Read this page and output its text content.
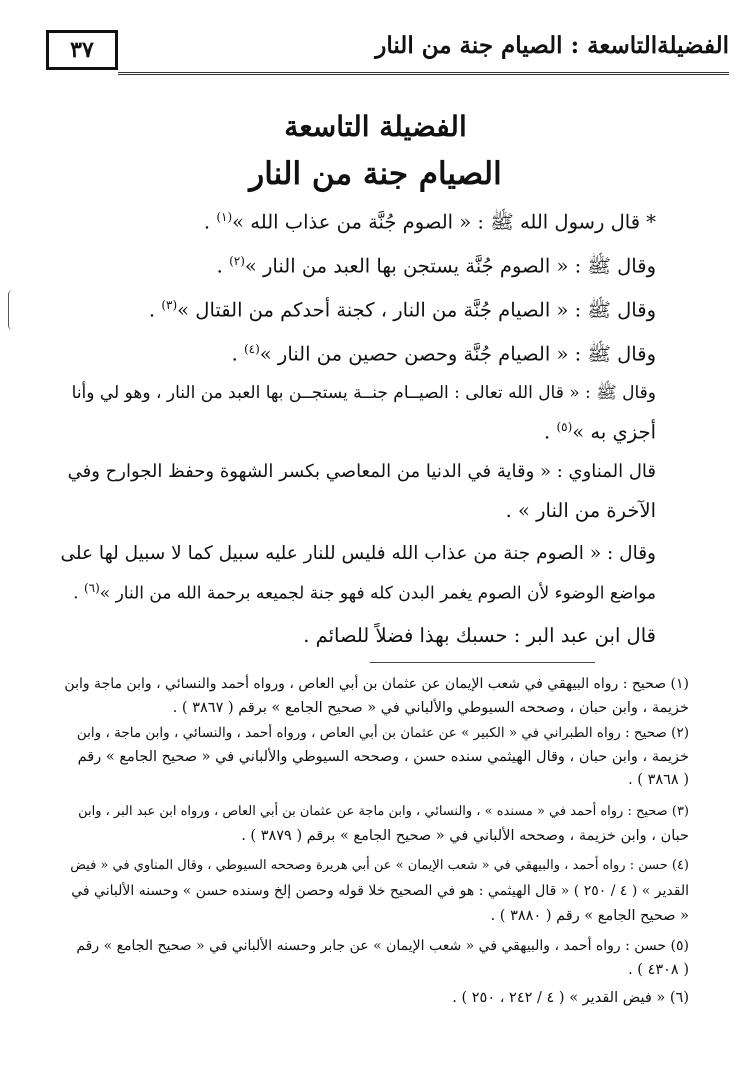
الفضيلةالتاسعة : الصيام جنة من النار
٣٧
الفضيلة التاسعة
الصيام جنة من النار
* قال رسول الله ﷺ : « الصوم جُنَّة من عذاب الله »$^{(١)}$ .
وقال ﷺ : « الصوم جُنَّة يستجن بها العبد من النار »$^{(٢)}$ .
وقال ﷺ : « الصيام جُنَّة من النار ، كجنة أحدكم من القتال »$^{(٣)}$ .
وقال ﷺ : « الصيام جُنَّة وحصن حصين من النار »$^{(٤)}$ .
وقال ﷺ : « قال الله تعالى : الصيــام جنــة يستجــن بها العبد من النار ، وهو لي وأنا
أجزي به »$^{(٥)}$ .
قال المناوي : « وقاية في الدنيا من المعاصي بكسر الشهوة وحفظ الجوارح وفي
الآخرة من النار » .
وقال : « الصوم جنة من عذاب الله فليس للنار عليه سبيل كما لا سبيل لها على
مواضع الوضوء لأن الصوم يغمر البدن كله فهو جنة لجميعه برحمة الله من النار »$^{(٦)}$ .
قال ابن عبد البر : حسبك بهذا فضلاً للصائم .
(١) صحيح : رواه البيهقي في شعب الإيمان عن عثمان بن أبي العاص ، ورواه أحمد والنسائي ، وابن ماجة وابن
خزيمة ، وابن حبان ، وصححه السيوطي والألباني في « صحيح الجامع » برقم ( ٣٨٦٧ ) .
(٢) صحيح : رواه الطبراني في « الكبير » عن عثمان بن أبي العاص ، ورواه أحمد ، والنسائي ، وابن ماجة ، وابن
خزيمة ، وابن حبان ، وقال الهيثمي سنده حسن ، وصححه السيوطي والألباني في « صحيح الجامع » رقم
( ٣٨٦٨ ) .
(٣) صحيح : رواه أحمد في « مسنده » ، والنسائي ، وابن ماجة عن عثمان بن أبي العاص ، ورواه ابن عبد البر ، وابن
حبان ، وابن خزيمة ، وصححه الألباني في « صحيح الجامع » برقم ( ٣٨٧٩ ) .
(٤) حسن : رواه أحمد ، والبيهقي في « شعب الإيمان » عن أبي هريرة وصححه السيوطي ، وقال المناوي في « فيض
القدير » ( ٤ / ٢٥٠ ) « قال الهيثمي : هو في الصحيح خلا قوله وحصن إلخ وسنده حسن » وحسنه الألباني في
« صحيح الجامع » رقم ( ٣٨٨٠ ) .
(٥) حسن : رواه أحمد ، والبيهقي في « شعب الإيمان » عن جابر وحسنه الألباني في « صحيح الجامع » رقم
( ٤٣٠٨ ) .
(٦) « فيض القدير » ( ٤ / ٢٤٢ ، ٢٥٠ ) .
